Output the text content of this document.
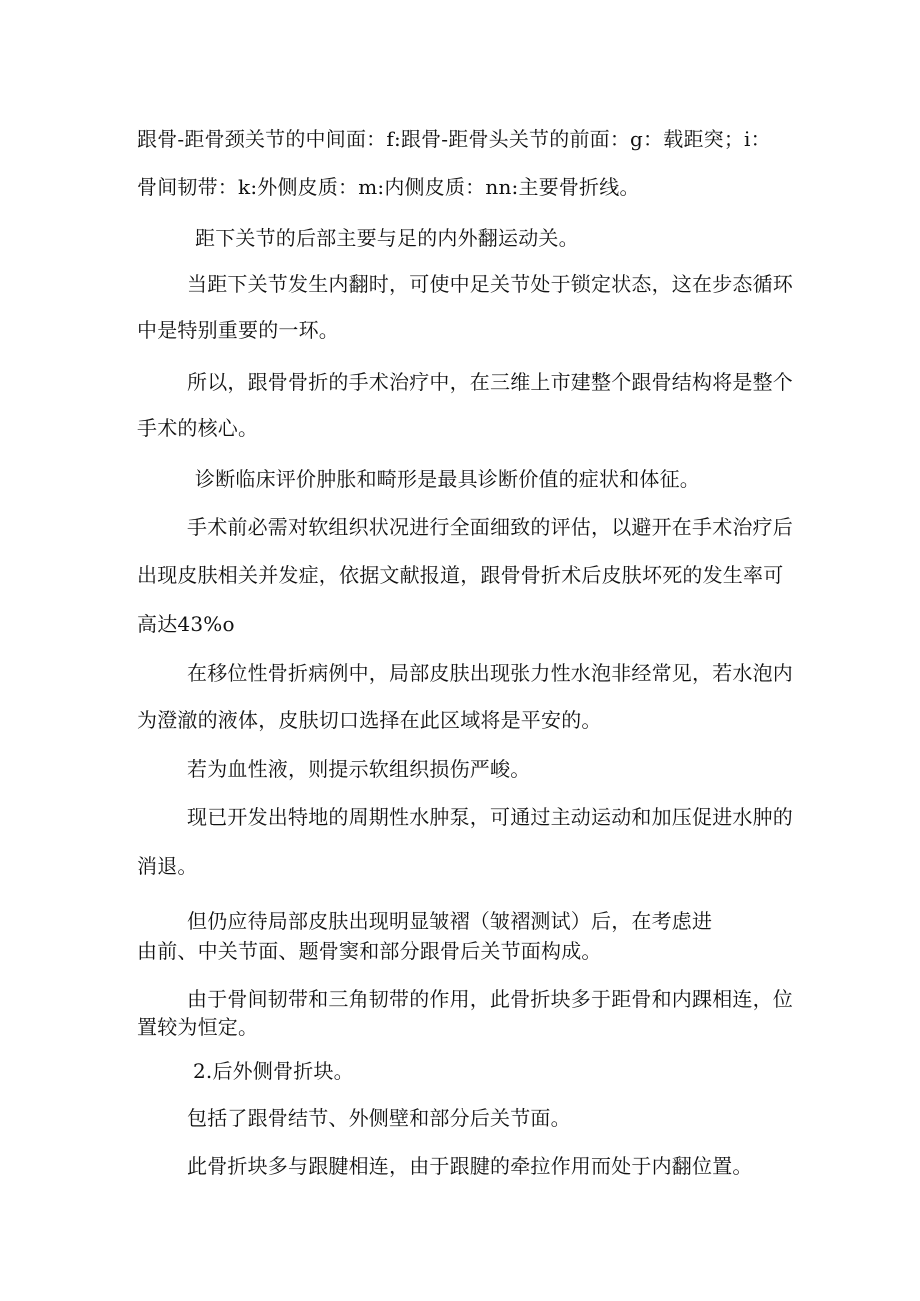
跟骨-距骨颈关节的中间面：f:跟骨-距骨头关节的前面：g：载距突；i：
骨间韧带：k:外侧皮质：m:内侧皮质：nn:主要骨折线。
距下关节的后部主要与足的内外翻运动关。
当距下关节发生内翻时，可使中足关节处于锁定状态，这在步态循环
中是特别重要的一环。
所以，跟骨骨折的手术治疗中，在三维上市建整个跟骨结构将是整个
手术的核心。
诊断临床评价肿胀和畸形是最具诊断价值的症状和体征。
手术前必需对软组织状况进行全面细致的评估，以避开在手术治疗后
出现皮肤相关并发症，依据文献报道，跟骨骨折术后皮肤坏死的发生率可
高达43%o
在移位性骨折病例中，局部皮肤出现张力性水泡非经常见，若水泡内
为澄澈的液体，皮肤切口选择在此区域将是平安的。
若为血性液，则提示软组织损伤严峻。
现已开发出特地的周期性水肿泵，可通过主动运动和加压促进水肿的
消退。
但仍应待局部皮肤出现明显皱褶（皱褶测试）后，在考虑进
由前、中关节面、题骨窦和部分跟骨后关节面构成。
由于骨间韧带和三角韧带的作用，此骨折块多于距骨和内踝相连，位
置较为恒定。
2.后外侧骨折块。
包括了跟骨结节、外侧壁和部分后关节面。
此骨折块多与跟腱相连，由于跟腱的牵拉作用而处于内翻位置。
